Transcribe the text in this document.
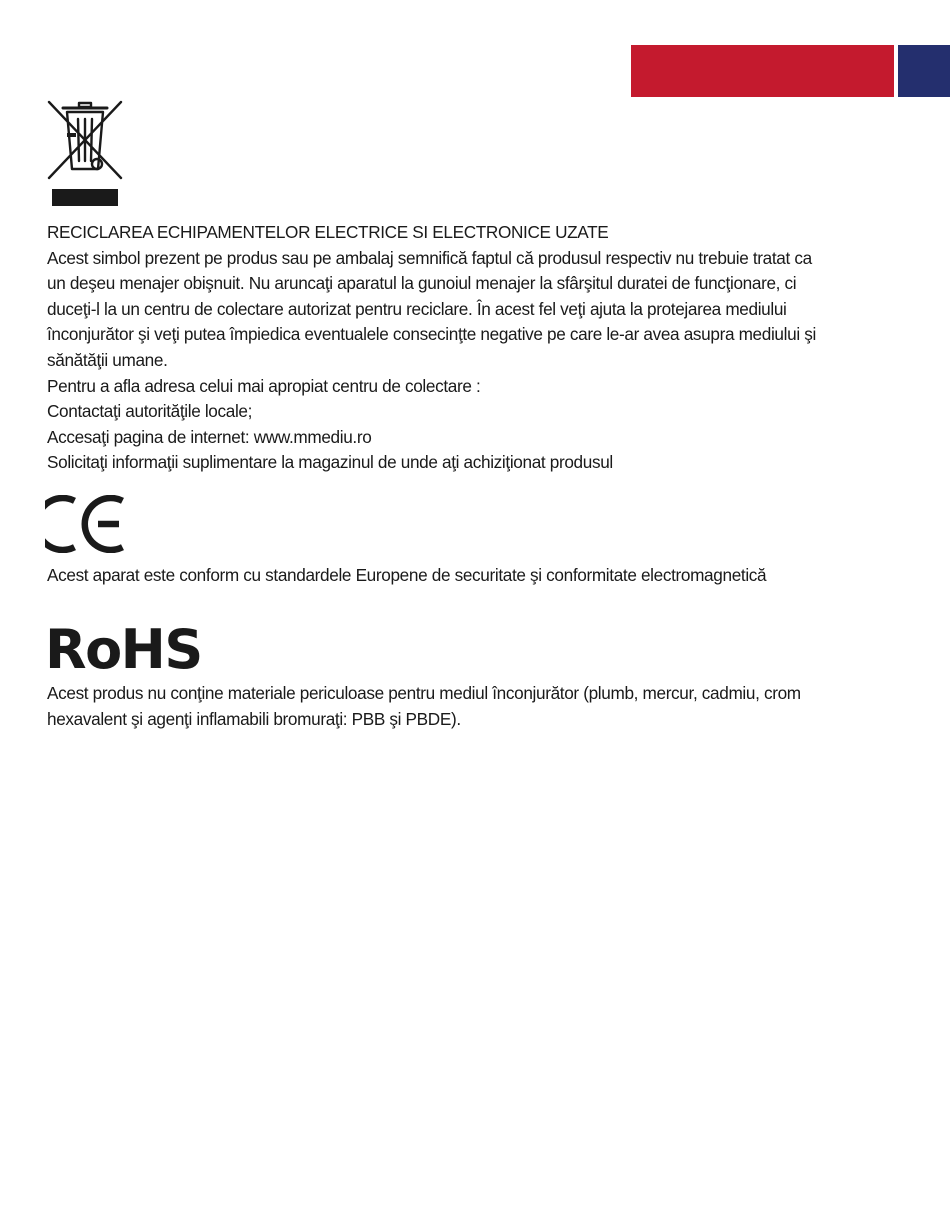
RECICLAREA ECHIPAMENTELOR ELECTRICE SI ELECTRONICE UZATE
Acest simbol prezent pe produs sau pe ambalaj semnifică faptul că produsul respectiv nu trebuie tratat ca
un deşeu menajer obişnuit. Nu aruncaţi aparatul la gunoiul menajer la sfârşitul duratei de funcţionare, ci
duceţi-l la un centru de colectare autorizat pentru reciclare. În acest fel veţi ajuta la protejarea mediului
înconjurător şi veţi putea împiedica eventualele consecinţte negative pe care le-ar avea asupra mediului şi
sănătăţii umane.
Pentru a afla adresa celui mai apropiat centru de colectare :
Contactaţi autorităţile locale;
Accesaţi pagina de internet: www.mmediu.ro
Solicitaţi informaţii suplimentare la magazinul de unde aţi achiziţionat produsul
Acest aparat este conform cu standardele Europene de securitate şi conformitate electromagnetică
RoHS
Acest produs nu conţine materiale periculoase pentru mediul înconjurător (plumb, mercur, cadmiu, crom
hexavalent şi agenţi inflamabili bromuraţi: PBB şi PBDE).
